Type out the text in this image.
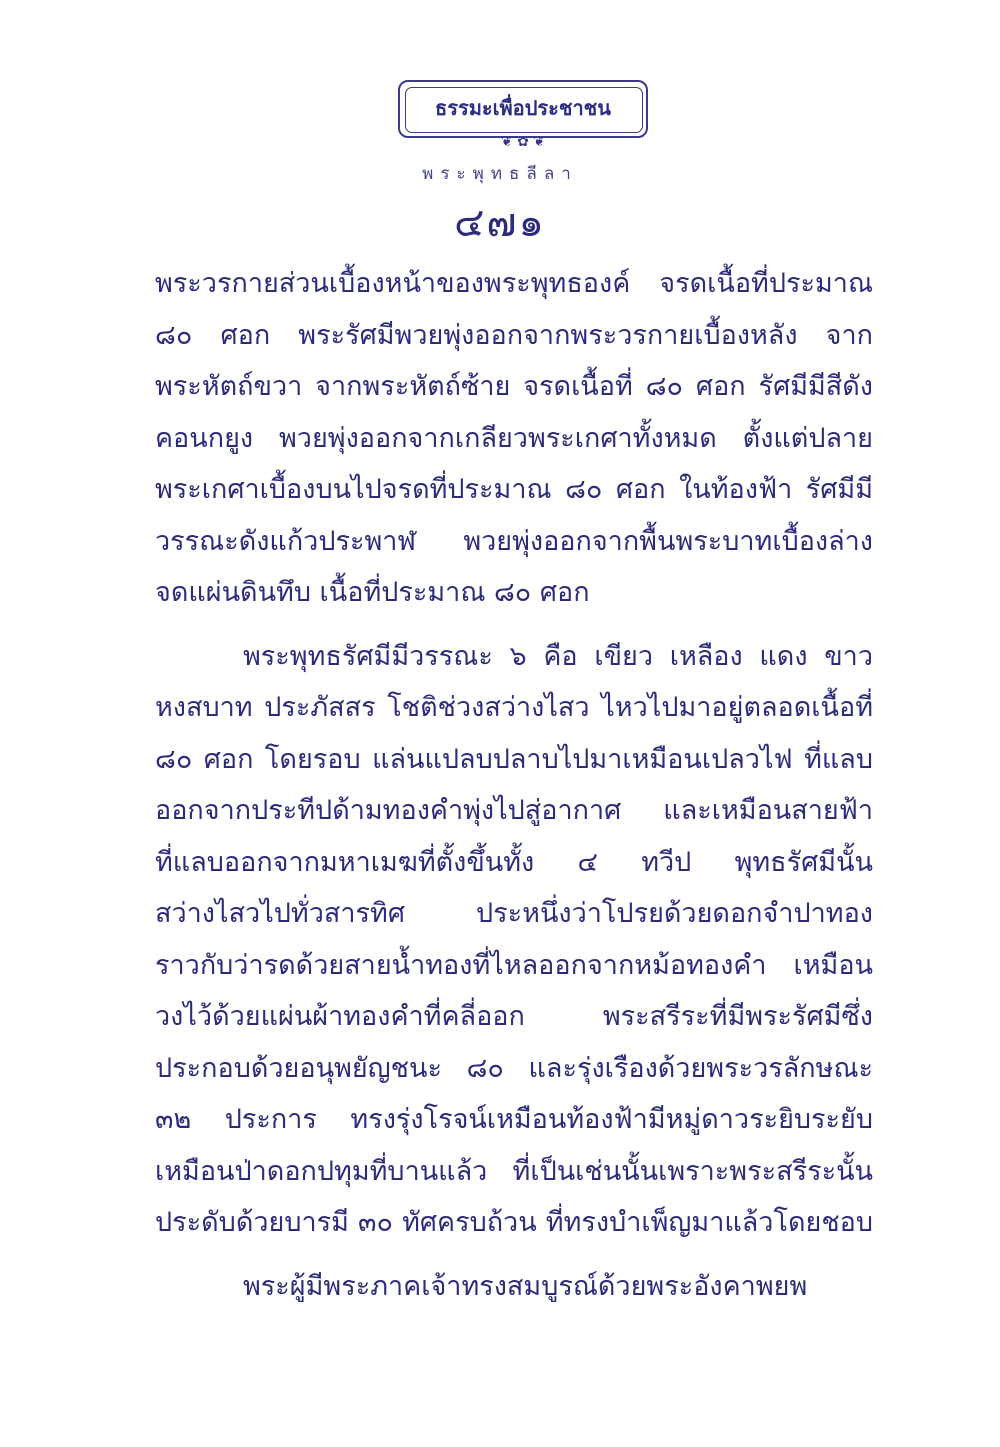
ธรรมะเพื่อประชาชน
❦ ✿ ❦
พระพุทธลีลา
๔๗๑
พระวรกายส่วนเบื้องหน้าของพระพุทธองค์ จรดเนื้อที่ประมาณ
๘๐ ศอก พระรัศมีพวยพุ่งออกจากพระวรกายเบื้องหลัง จาก
พระหัตถ์ขวา จากพระหัตถ์ซ้าย จรดเนื้อที่ ๘๐ ศอก รัศมีมีสีดัง
คอนกยูง พวยพุ่งออกจากเกลียวพระเกศาทั้งหมด ตั้งแต่ปลาย
พระเกศาเบื้องบนไปจรดที่ประมาณ ๘๐ ศอก ในท้องฟ้า รัศมีมี
วรรณะดังแก้วประพาฬ พวยพุ่งออกจากพื้นพระบาทเบื้องล่าง
จดแผ่นดินทึบ เนื้อที่ประมาณ ๘๐ ศอก
พระพุทธรัศมีมีวรรณะ ๖ คือ เขียว เหลือง แดง ขาว
หงสบาท ประภัสสร โชติช่วงสว่างไสว ไหวไปมาอยู่ตลอดเนื้อที่
๘๐ ศอก โดยรอบ แล่นแปลบปลาบไปมาเหมือนเปลวไฟ ที่แลบ
ออกจากประทีปด้ามทองคำพุ่งไปสู่อากาศ และเหมือนสายฟ้า
ที่แลบออกจากมหาเมฆที่ตั้งขึ้นทั้ง ๔ ทวีป พุทธรัศมีนั้น
สว่างไสวไปทั่วสารทิศ ประหนึ่งว่าโปรยด้วยดอกจำปาทอง
ราวกับว่ารดด้วยสายน้ำทองที่ไหลออกจากหม้อทองคำ เหมือน
วงไว้ด้วยแผ่นผ้าทองคำที่คลี่ออก พระสรีระที่มีพระรัศมีซึ่ง
ประกอบด้วยอนุพยัญชนะ ๘๐ และรุ่งเรืองด้วยพระวรลักษณะ
๓๒ ประการ ทรงรุ่งโรจน์เหมือนท้องฟ้ามีหมู่ดาวระยิบระยับ
เหมือนป่าดอกปทุมที่บานแล้ว ที่เป็นเช่นนั้นเพราะพระสรีระนั้น
ประดับด้วยบารมี ๓๐ ทัศครบถ้วน ที่ทรงบำเพ็ญมาแล้วโดยชอบ
พระผู้มีพระภาคเจ้าทรงสมบูรณ์ด้วยพระอังคาพยพ
